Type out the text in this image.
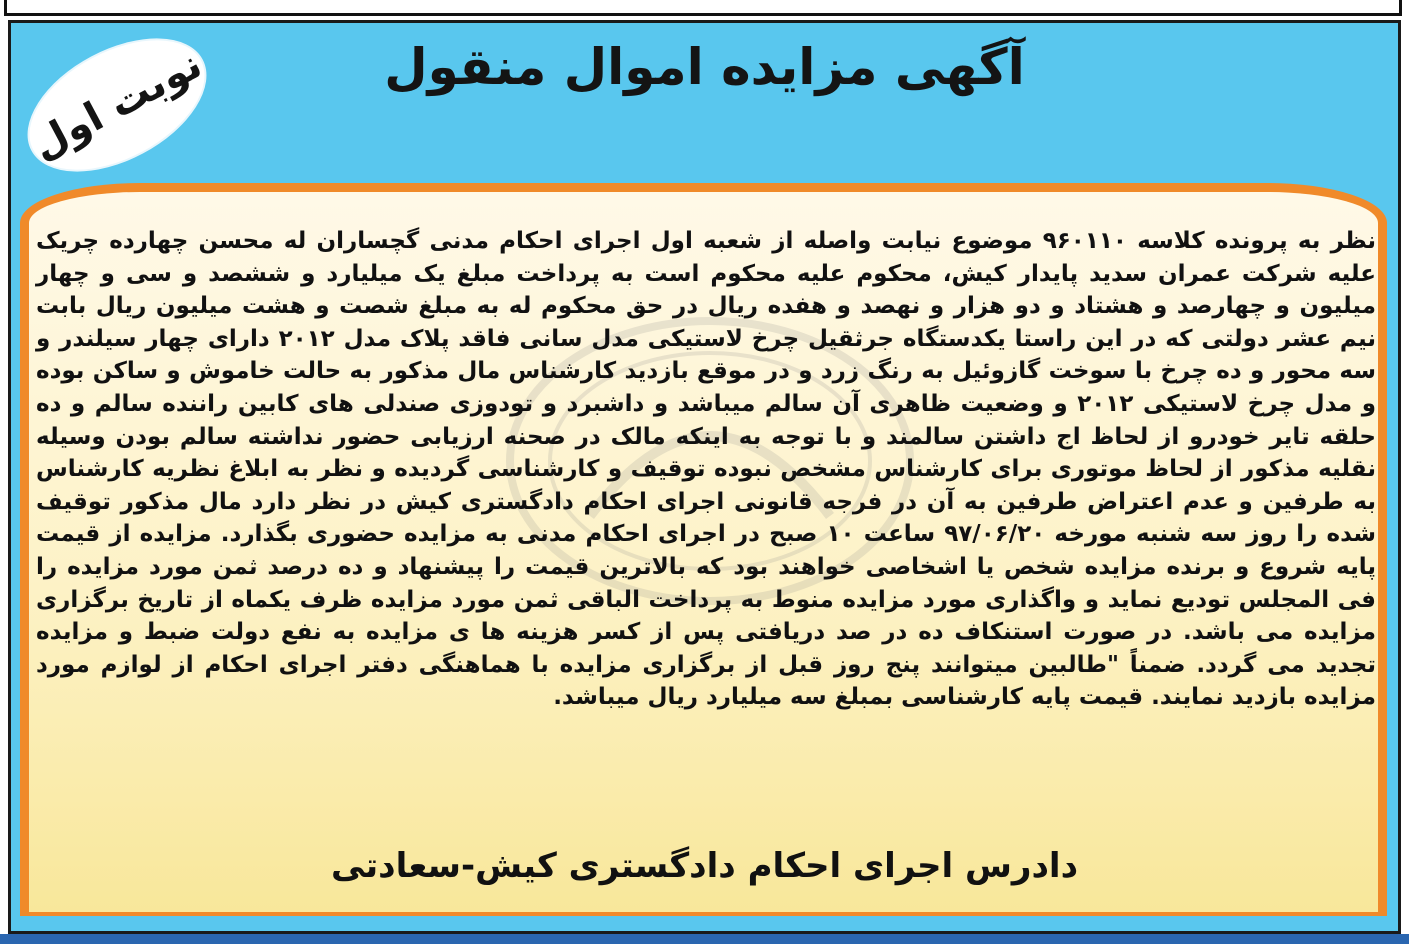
آگهی مزایده اموال منقول
نوبت اول

نظر به پرونده کلاسه ۹۶۰۱۱۰ موضوع نیابت واصله از شعبه اول اجرای احکام مدنی گچساران له محسن چهارده چریک علیه شرکت عمران سدید پایدار کیش، محکوم علیه محکوم است به پرداخت مبلغ یک میلیارد و ششصد و سی و چهار میلیون و چهارصد و هشتاد و دو هزار و نهصد و هفده ریال در حق محکوم له به مبلغ شصت و هشت میلیون ریال بابت نیم عشر دولتی که در این راستا یکدستگاه جرثقیل چرخ لاستیکی مدل سانی فاقد پلاک مدل ۲۰۱۲ دارای چهار سیلندر و سه محور و ده چرخ با سوخت گازوئیل به رنگ زرد و در موقع بازدید کارشناس مال مذکور به حالت خاموش و ساکن بوده و مدل چرخ لاستیکی ۲۰۱۲ و وضعیت ظاهری آن سالم میباشد و داشبرد و تودوزی صندلی های کابین راننده سالم و ده حلقه تایر خودرو از لحاظ اج داشتن سالمند و با توجه به اینکه مالک در صحنه ارزیابی حضور نداشته سالم بودن وسیله نقلیه مذکور از لحاظ موتوری برای کارشناس مشخص نبوده توقیف و کارشناسی گردیده و نظر به ابلاغ نظریه کارشناس به طرفین و عدم اعتراض طرفین به آن در فرجه قانونی اجرای احکام دادگستری کیش در نظر دارد مال مذکور توقیف شده را روز سه شنبه مورخه ۹۷/۰۶/۲۰ ساعت ۱۰ صبح در اجرای احکام مدنی به مزایده حضوری بگذارد. مزایده از قیمت پایه شروع و برنده مزایده شخص یا اشخاصی خواهند بود که بالاترین قیمت را پیشنهاد و ده درصد ثمن مورد مزایده را فی المجلس تودیع نماید و واگذاری مورد مزایده منوط به پرداخت الباقی ثمن مورد مزایده ظرف یکماه از تاریخ برگزاری مزایده می باشد. در صورت استنکاف ده در صد دریافتی پس از کسر هزینه ها ی مزایده به نفع دولت ضبط و مزایده تجدید می گردد. ضمناً "طالبین میتوانند پنج روز قبل از برگزاری مزایده با هماهنگی دفتر اجرای احکام از لوازم مورد مزایده بازدید نمایند. قیمت پایه کارشناسی بمبلغ سه میلیارد ریال میباشد.

دادرس اجرای احکام دادگستری کیش-سعادتی
